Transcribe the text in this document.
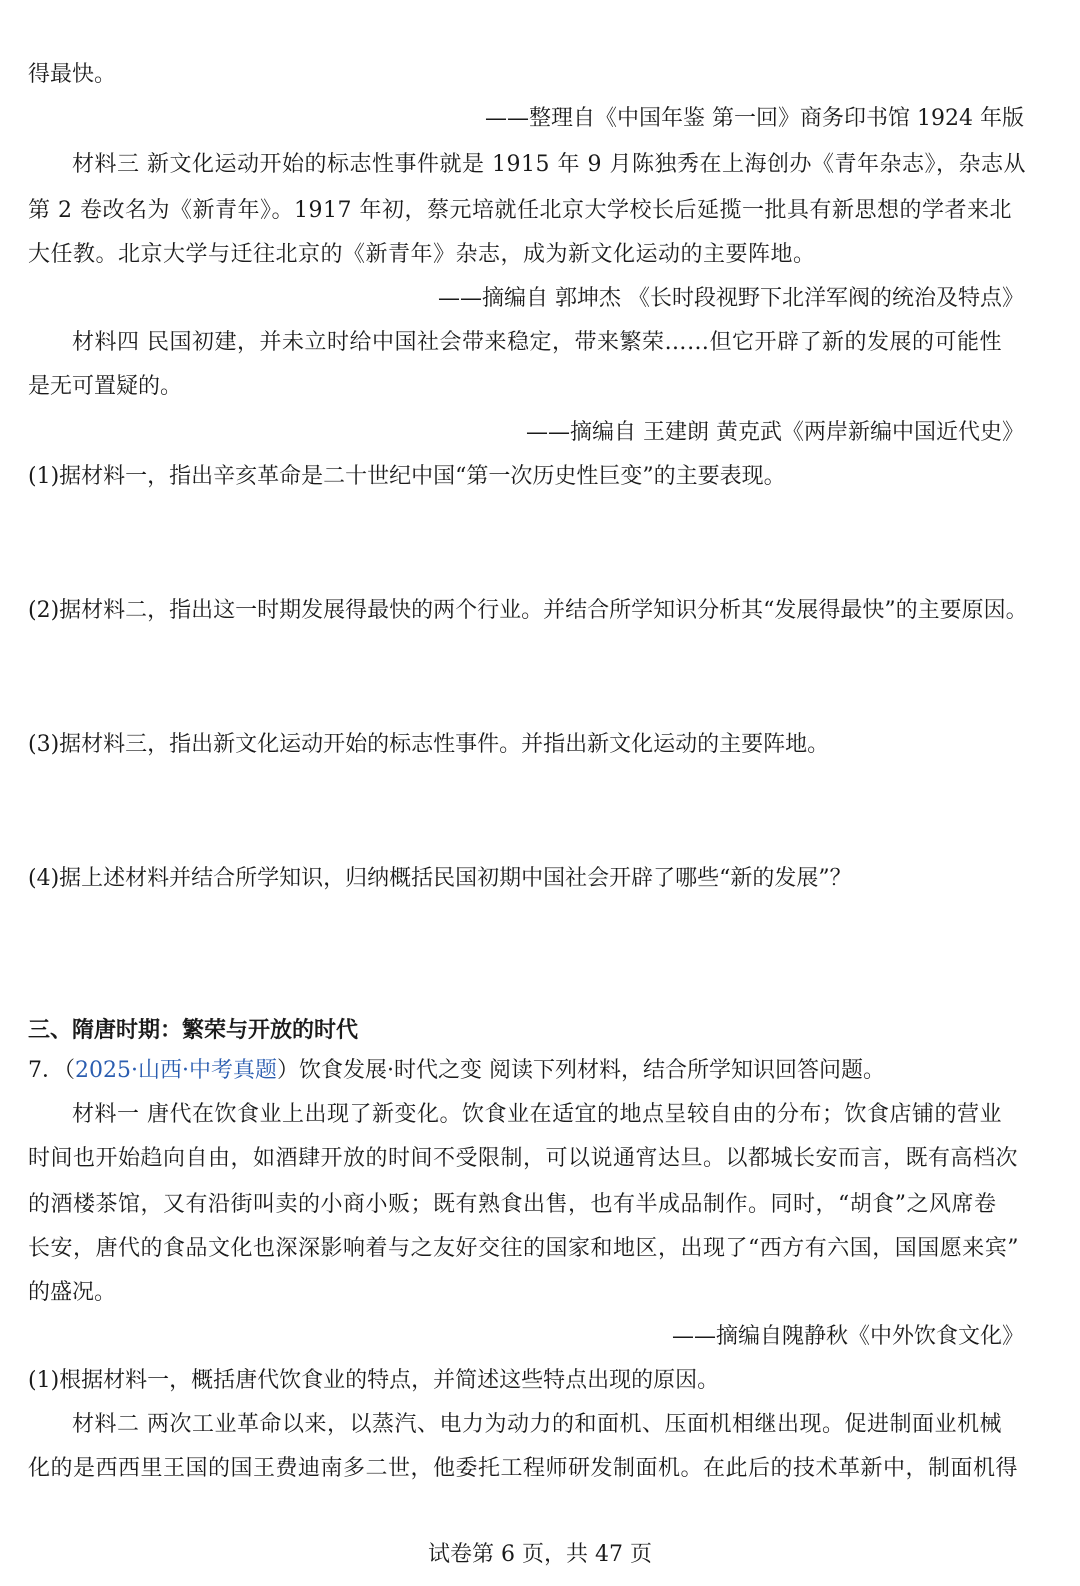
得最快。
——整理自《中国年鉴 第一回》商务印书馆 1924 年版
材料三 新文化运动开始的标志性事件就是 1915 年 9 月陈独秀在上海创办《青年杂志》，杂志从
第 2 卷改名为《新青年》。1917 年初，蔡元培就任北京大学校长后延揽一批具有新思想的学者来北
大任教。北京大学与迁往北京的《新青年》杂志，成为新文化运动的主要阵地。
——摘编自 郭坤杰 《长时段视野下北洋军阀的统治及特点》
材料四 民国初建，并未立时给中国社会带来稳定，带来繁荣……但它开辟了新的发展的可能性
是无可置疑的。
——摘编自 王建朗 黄克武《两岸新编中国近代史》
(1)据材料一，指出辛亥革命是二十世纪中国“第一次历史性巨变”的主要表现。
(2)据材料二，指出这一时期发展得最快的两个行业。并结合所学知识分析其“发展得最快”的主要原因。
(3)据材料三，指出新文化运动开始的标志性事件。并指出新文化运动的主要阵地。
(4)据上述材料并结合所学知识，归纳概括民国初期中国社会开辟了哪些“新的发展”？
三、隋唐时期：繁荣与开放的时代
7．（2025·山西·中考真题）饮食发展·时代之变 阅读下列材料，结合所学知识回答问题。
材料一 唐代在饮食业上出现了新变化。饮食业在适宜的地点呈较自由的分布；饮食店铺的营业
时间也开始趋向自由，如酒肆开放的时间不受限制，可以说通宵达旦。以都城长安而言，既有高档次
的酒楼茶馆，又有沿街叫卖的小商小贩；既有熟食出售，也有半成品制作。同时，“胡食”之风席卷
长安，唐代的食品文化也深深影响着与之友好交往的国家和地区，出现了“西方有六国，国国愿来宾”
的盛况。
——摘编自隗静秋《中外饮食文化》
(1)根据材料一，概括唐代饮食业的特点，并简述这些特点出现的原因。
材料二 两次工业革命以来，以蒸汽、电力为动力的和面机、压面机相继出现。促进制面业机械
化的是西西里王国的国王费迪南多二世，他委托工程师研发制面机。在此后的技术革新中，制面机得
试卷第 6 页，共 47 页
